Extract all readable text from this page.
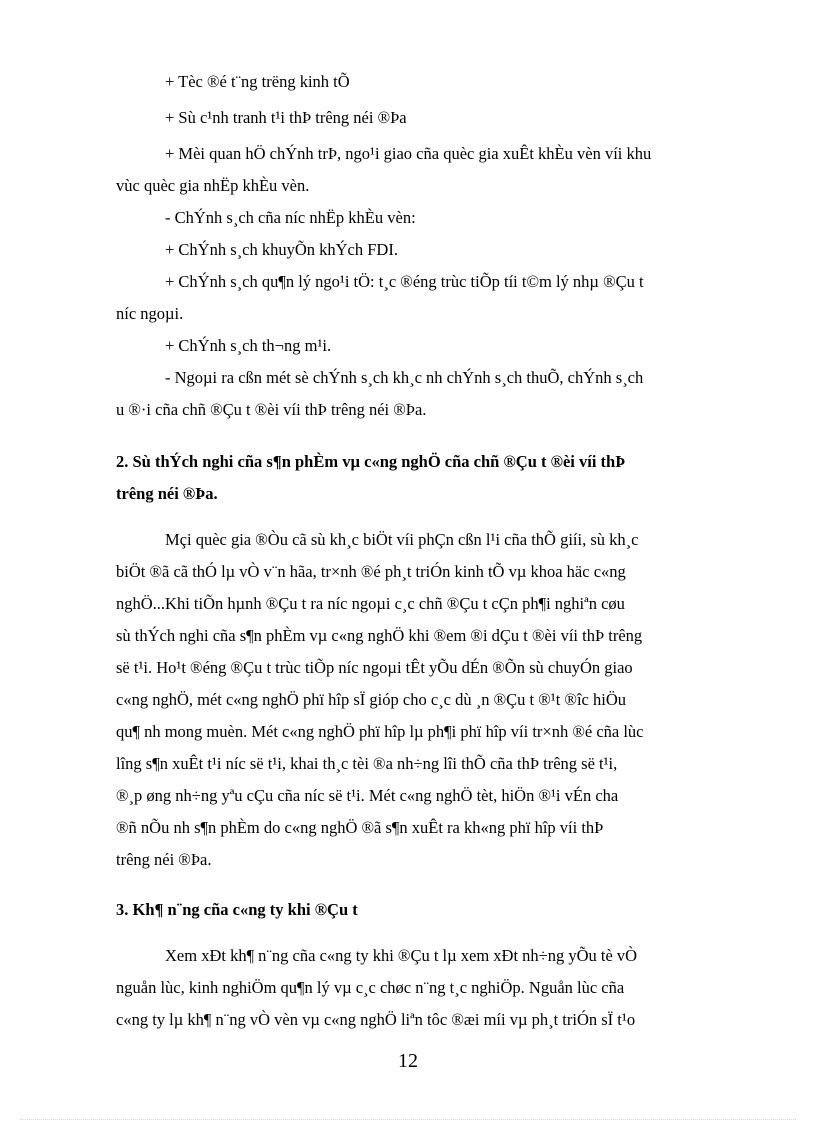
+ Tèc ®é t¨ng trëng kinh tÕ
+ Sù c¹nh tranh t¹i thÞ trêng néi ®Þa
+ Mèi quan hÖ chÝnh trÞ, ngo¹i giao cña quèc gia xuÊt khÈu vèn víi khu
vùc quèc gia nhËp khÈu vèn.
- ChÝnh s¸ch cña níc nhËp khÈu vèn:
+ ChÝnh s¸ch khuyÕn khÝch FDI.
+ ChÝnh s¸ch qu¶n lý ngo¹i tÖ: t¸c ®éng trùc tiÕp tíi t©m lý nhµ ®Çu t
níc ngoµi.
+ ChÝnh s¸ch th¬ng m¹i.
- Ngoµi ra cßn mét sè chÝnh s¸ch kh¸c nh chÝnh s¸ch thuÕ, chÝnh s¸ch
u ®·i cña chñ ®Çu t ®èi víi thÞ trêng néi ®Þa.
2. Sù thÝch nghi cña s¶n phÈm vµ c«ng nghÖ cña chñ ®Çu t ®èi víi thÞ
trêng néi ®Þa.
Mçi quèc gia ®Òu cã sù kh¸c biÖt víi phÇn cßn l¹i cña thÕ giíi, sù kh¸c
biÖt ®ã cã thÓ lµ vÒ v¨n hãa, tr×nh ®é ph¸t triÓn kinh tÕ vµ khoa häc c«ng
nghÖ...Khi tiÕn hµnh ®Çu t ra níc ngoµi c¸c chñ ®Çu t cÇn ph¶i nghiªn cøu
sù thÝch nghi cña s¶n phÈm vµ c«ng nghÖ khi ®em ®i dÇu t ®èi víi thÞ trêng
së t¹i. Ho¹t ®éng ®Çu t trùc tiÕp níc ngoµi tÊt yÕu dÉn ®Õn sù chuyÓn giao
c«ng nghÖ, mét c«ng nghÖ phï hîp sÏ gióp cho c¸c dù ¸n ®Çu t ®¹t ®îc hiÖu
qu¶ nh mong muèn. Mét c«ng nghÖ phï hîp lµ ph¶i phï hîp víi tr×nh ®é cña lùc
lîng s¶n xuÊt t¹i níc së t¹i, khai th¸c tèi ®a nh÷ng lîi thÕ cña thÞ trêng së t¹i,
®¸p øng nh÷ng yªu cÇu cña níc së t¹i. Mét c«ng nghÖ tèt, hiÖn ®¹i vÉn cha
®ñ nÕu nh s¶n phÈm do c«ng nghÖ ®ã s¶n xuÊt ra kh«ng phï hîp víi thÞ
trêng néi ®Þa.
3. Kh¶ n¨ng cña c«ng ty khi ®Çu t
Xem xÐt kh¶ n¨ng cña c«ng ty khi ®Çu t lµ xem xÐt nh÷ng yÕu tè vÒ
nguån lùc, kinh nghiÖm qu¶n lý vµ c¸c chøc n¨ng t¸c nghiÖp. Nguån lùc cña
c«ng ty lµ kh¶ n¨ng vÒ vèn vµ c«ng nghÖ liªn tôc ®æi míi vµ ph¸t triÓn sÏ t¹o
12
